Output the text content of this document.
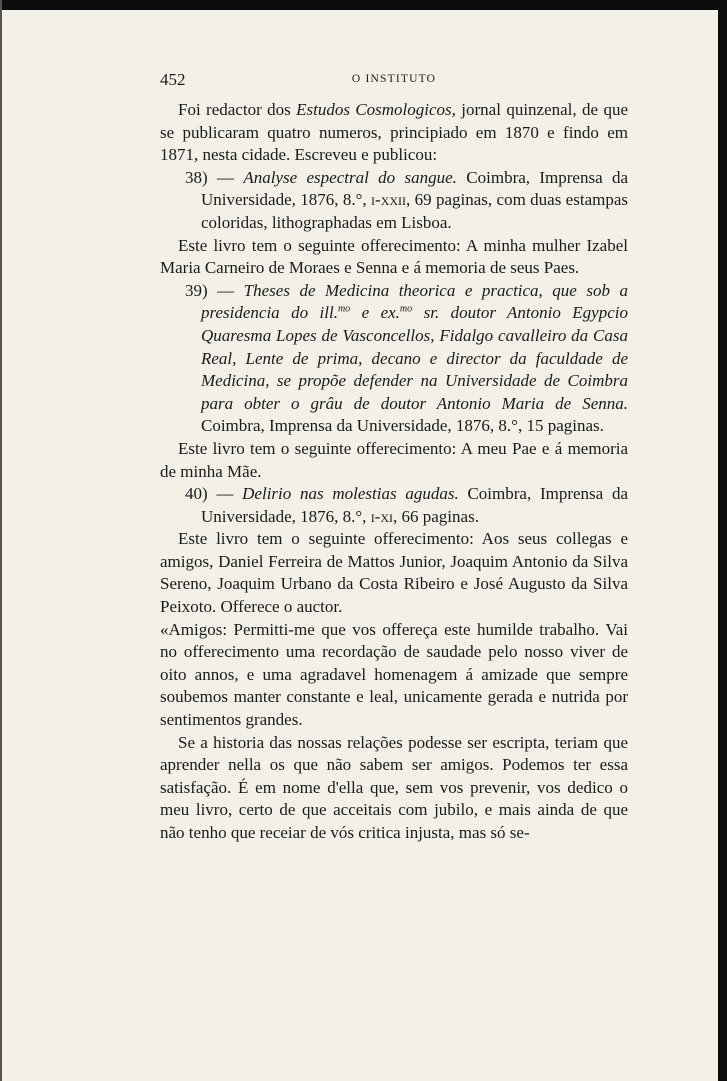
452	O INSTITUTO

Foi redactor dos Estudos Cosmologicos, jornal quinzenal, de que se publicaram quatro numeros, principiado em 1870 e findo em 1871, nesta cidade. Escreveu e publicou:

38) — Analyse espectral do sangue. Coimbra, Imprensa da Universidade, 1876, 8.°, i-xxii, 69 paginas, com duas estampas coloridas, lithographadas em Lisboa.

Este livro tem o seguinte offerecimento: A minha mulher Izabel Maria Carneiro de Moraes e Senna e á memoria de seus Paes.

39) — Theses de Medicina theorica e practica, que sob a presidencia do ill.$^{mo}$ e ex.$^{mo}$ sr. doutor Antonio Egypcio Quaresma Lopes de Vasconcellos, Fidalgo cavalleiro da Casa Real, Lente de prima, decano e director da faculdade de Medicina, se propõe defender na Universidade de Coimbra para obter o grâu de doutor Antonio Maria de Senna. Coimbra, Imprensa da Universidade, 1876, 8.°, 15 paginas.

Este livro tem o seguinte offerecimento: A meu Pae e á memoria de minha Mãe.

40) — Delirio nas molestias agudas. Coimbra, Imprensa da Universidade, 1876, 8.°, i-xi, 66 paginas.

Este livro tem o seguinte offerecimento: Aos seus collegas e amigos, Daniel Ferreira de Mattos Junior, Joaquim Antonio da Silva Sereno, Joaquim Urbano da Costa Ribeiro e José Augusto da Silva Peixoto. Offerece o auctor.

«Amigos: Permitti-me que vos offereça este humilde trabalho. Vai no offerecimento uma recordação de saudade pelo nosso viver de oito annos, e uma agradavel homenagem á amizade que sempre soubemos manter constante e leal, unicamente gerada e nutrida por sentimentos grandes.

Se a historia das nossas relações podesse ser escripta, teriam que aprender nella os que não sabem ser amigos. Podemos ter essa satisfação. É em nome d'ella que, sem vos prevenir, vos dedico o meu livro, certo de que acceitais com jubilo, e mais ainda de que não tenho que receiar de vós critica injusta, mas só se-
